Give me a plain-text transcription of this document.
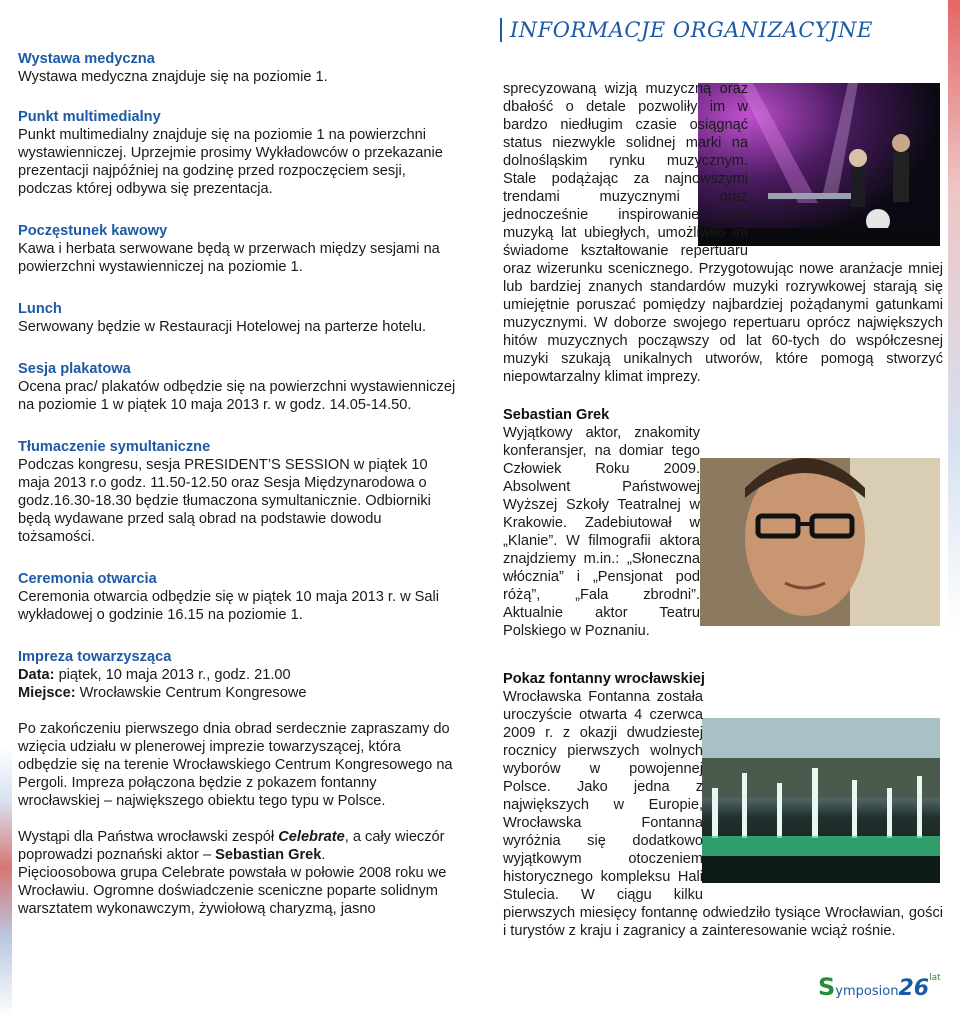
INFORMACJE ORGANIZACYJNE
Wystawa medyczna
Wystawa medyczna znajduje się na poziomie 1.
Punkt multimedialny
Punkt multimedialny znajduje się na poziomie 1 na powierzchni wystawienniczej. Uprzejmie prosimy Wykładowców o przekazanie prezentacji najpóźniej na godzinę przed rozpoczęciem sesji, podczas której odbywa się prezentacja.
Poczęstunek kawowy
Kawa i herbata serwowane będą w przerwach między sesjami na powierzchni wystawienniczej na poziomie 1.
Lunch
Serwowany będzie w Restauracji Hotelowej na parterze hotelu.
Sesja plakatowa
Ocena prac/ plakatów odbędzie się na powierzchni wystawienniczej na poziomie 1 w piątek 10 maja 2013 r. w godz. 14.05-14.50.
Tłumaczenie symultaniczne
Podczas kongresu, sesja PRESIDENT’S SESSION w piątek 10 maja 2013 r.o godz. 11.50-12.50 oraz Sesja Międzynarodowa o godz.16.30-18.30 będzie tłumaczona symultanicznie. Odbiorniki będą wydawane przed salą obrad na podstawie dowodu tożsamości.
Ceremonia otwarcia
Ceremonia otwarcia odbędzie się w piątek 10 maja 2013 r. w Sali wykładowej o godzinie 16.15 na poziomie 1.
Impreza towarzysząca
Data: piątek, 10 maja 2013 r., godz. 21.00
Miejsce: Wrocławskie Centrum Kongresowe
Po zakończeniu pierwszego dnia obrad serdecznie zapraszamy do wzięcia udziału w plenerowej imprezie towarzyszącej, która odbędzie się na terenie Wrocławskiego Centrum Kongresowego na Pergoli. Impreza połączona będzie z pokazem fontanny wrocławskiej – największego obiektu tego typu w Polsce.
Wystąpi dla Państwa wrocławski zespół Celebrate, a cały wieczór poprowadzi poznański aktor – Sebastian Grek.
Pięcioosobowa grupa Celebrate powstała w połowie 2008 roku we Wrocławiu. Ogromne doświadczenie sceniczne poparte solidnym warsztatem wykonawczym, żywiołową charyzmą, jasno
sprecyzowaną wizją muzyczną oraz dbałość o detale pozwoliły im w bardzo niedługim czasie osiągnąć status niezwykle solidnej marki na dolnośląskim rynku muzycznym. Stale podążając za najnowszymi trendami muzycznymi oraz jednocześnie inspirowanie się muzyką lat ubiegłych, umożliwiło im świadome kształtowanie repertuaru oraz wizerunku scenicznego. Przygotowując nowe aranżacje mniej lub bardziej znanych standardów muzyki rozrywkowej starają się umiejętnie poruszać pomiędzy najbardziej pożądanymi gatunkami muzycznymi. W doborze swojego repertuaru oprócz największych hitów muzycznych począwszy od lat 60-tych do współczesnej muzyki szukają unikalnych utworów, które pomogą stworzyć niepowtarzalny klimat imprezy.
Sebastian Grek
Wyjątkowy aktor, znakomity konferansjer, na domiar tego Człowiek Roku 2009. Absolwent Państwowej Wyższej Szkoły Teatralnej w Krakowie. Zadebiutował w „Klanie”. W filmografii aktora znajdziemy m.in.: „Słoneczna włócznia” i „Pensjonat pod różą”, „Fala zbrodni”. Aktualnie aktor Teatru Polskiego w Poznaniu.
Pokaz fontanny wrocławskiej
Wrocławska Fontanna została uroczyście otwarta 4 czerwca 2009 r. z okazji dwudziestej rocznicy pierwszych wolnych wyborów w powojennej Polsce. Jako jedna z największych w Europie, Wrocławska Fontanna wyróżnia się dodatkowo wyjątkowym otoczeniem historycznego kompleksu Hali Stulecia. W ciągu kilku pierwszych miesięcy fontannę odwiedziło tysiące Wrocławian, gości i turystów z kraju i zagranicy a zainteresowanie wciąż rośnie.
$Symposion26^{lat}$
